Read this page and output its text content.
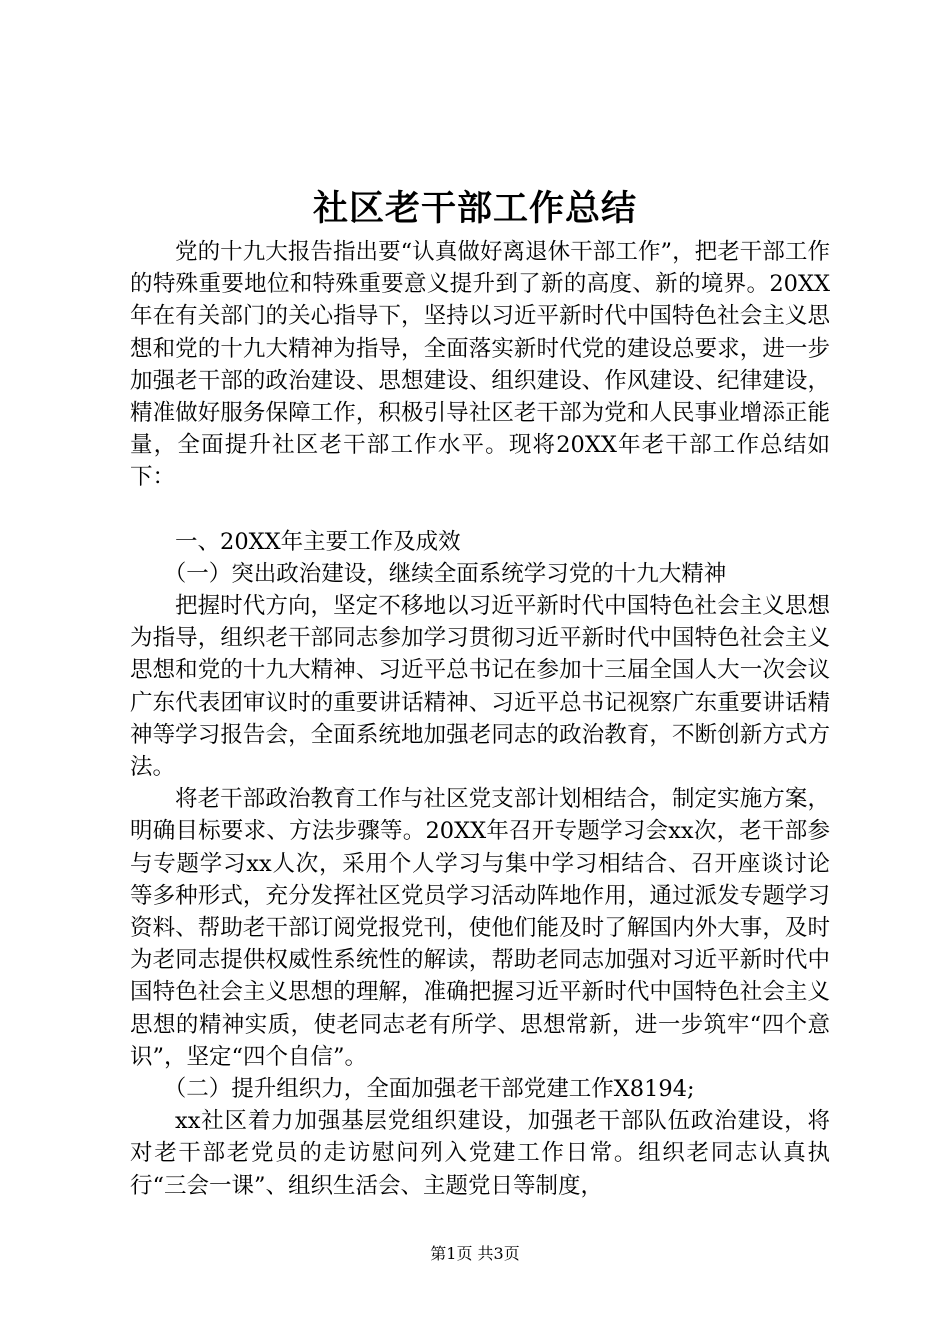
社区老干部工作总结

党的十九大报告指出要“认真做好离退休干部工作”，把老干部工作的特殊重要地位和特殊重要意义提升到了新的高度、新的境界。20XX年在有关部门的关心指导下，坚持以习近平新时代中国特色社会主义思想和党的十九大精神为指导，全面落实新时代党的建设总要求，进一步加强老干部的政治建设、思想建设、组织建设、作风建设、纪律建设，精准做好服务保障工作，积极引导社区老干部为党和人民事业增添正能量，全面提升社区老干部工作水平。现将20XX年老干部工作总结如下：

一、20XX年主要工作及成效

（一）突出政治建设，继续全面系统学习党的十九大精神

把握时代方向，坚定不移地以习近平新时代中国特色社会主义思想为指导，组织老干部同志参加学习贯彻习近平新时代中国特色社会主义思想和党的十九大精神、习近平总书记在参加十三届全国人大一次会议广东代表团审议时的重要讲话精神、习近平总书记视察广东重要讲话精神等学习报告会，全面系统地加强老同志的政治教育，不断创新方式方法。

将老干部政治教育工作与社区党支部计划相结合，制定实施方案，明确目标要求、方法步骤等。20XX年召开专题学习会xx次，老干部参与专题学习xx人次，采用个人学习与集中学习相结合、召开座谈讨论等多种形式，充分发挥社区党员学习活动阵地作用，通过派发专题学习资料、帮助老干部订阅党报党刊，使他们能及时了解国内外大事，及时为老同志提供权威性系统性的解读，帮助老同志加强对习近平新时代中国特色社会主义思想的理解，准确把握习近平新时代中国特色社会主义思想的精神实质，使老同志老有所学、思想常新，进一步筑牢“四个意识”，坚定“四个自信”。

（二）提升组织力，全面加强老干部党建工作X8194;

xx社区着力加强基层党组织建设，加强老干部队伍政治建设，将对老干部老党员的走访慰问列入党建工作日常。组织老同志认真执行“三会一课”、组织生活会、主题党日等制度，

第1页 共3页
